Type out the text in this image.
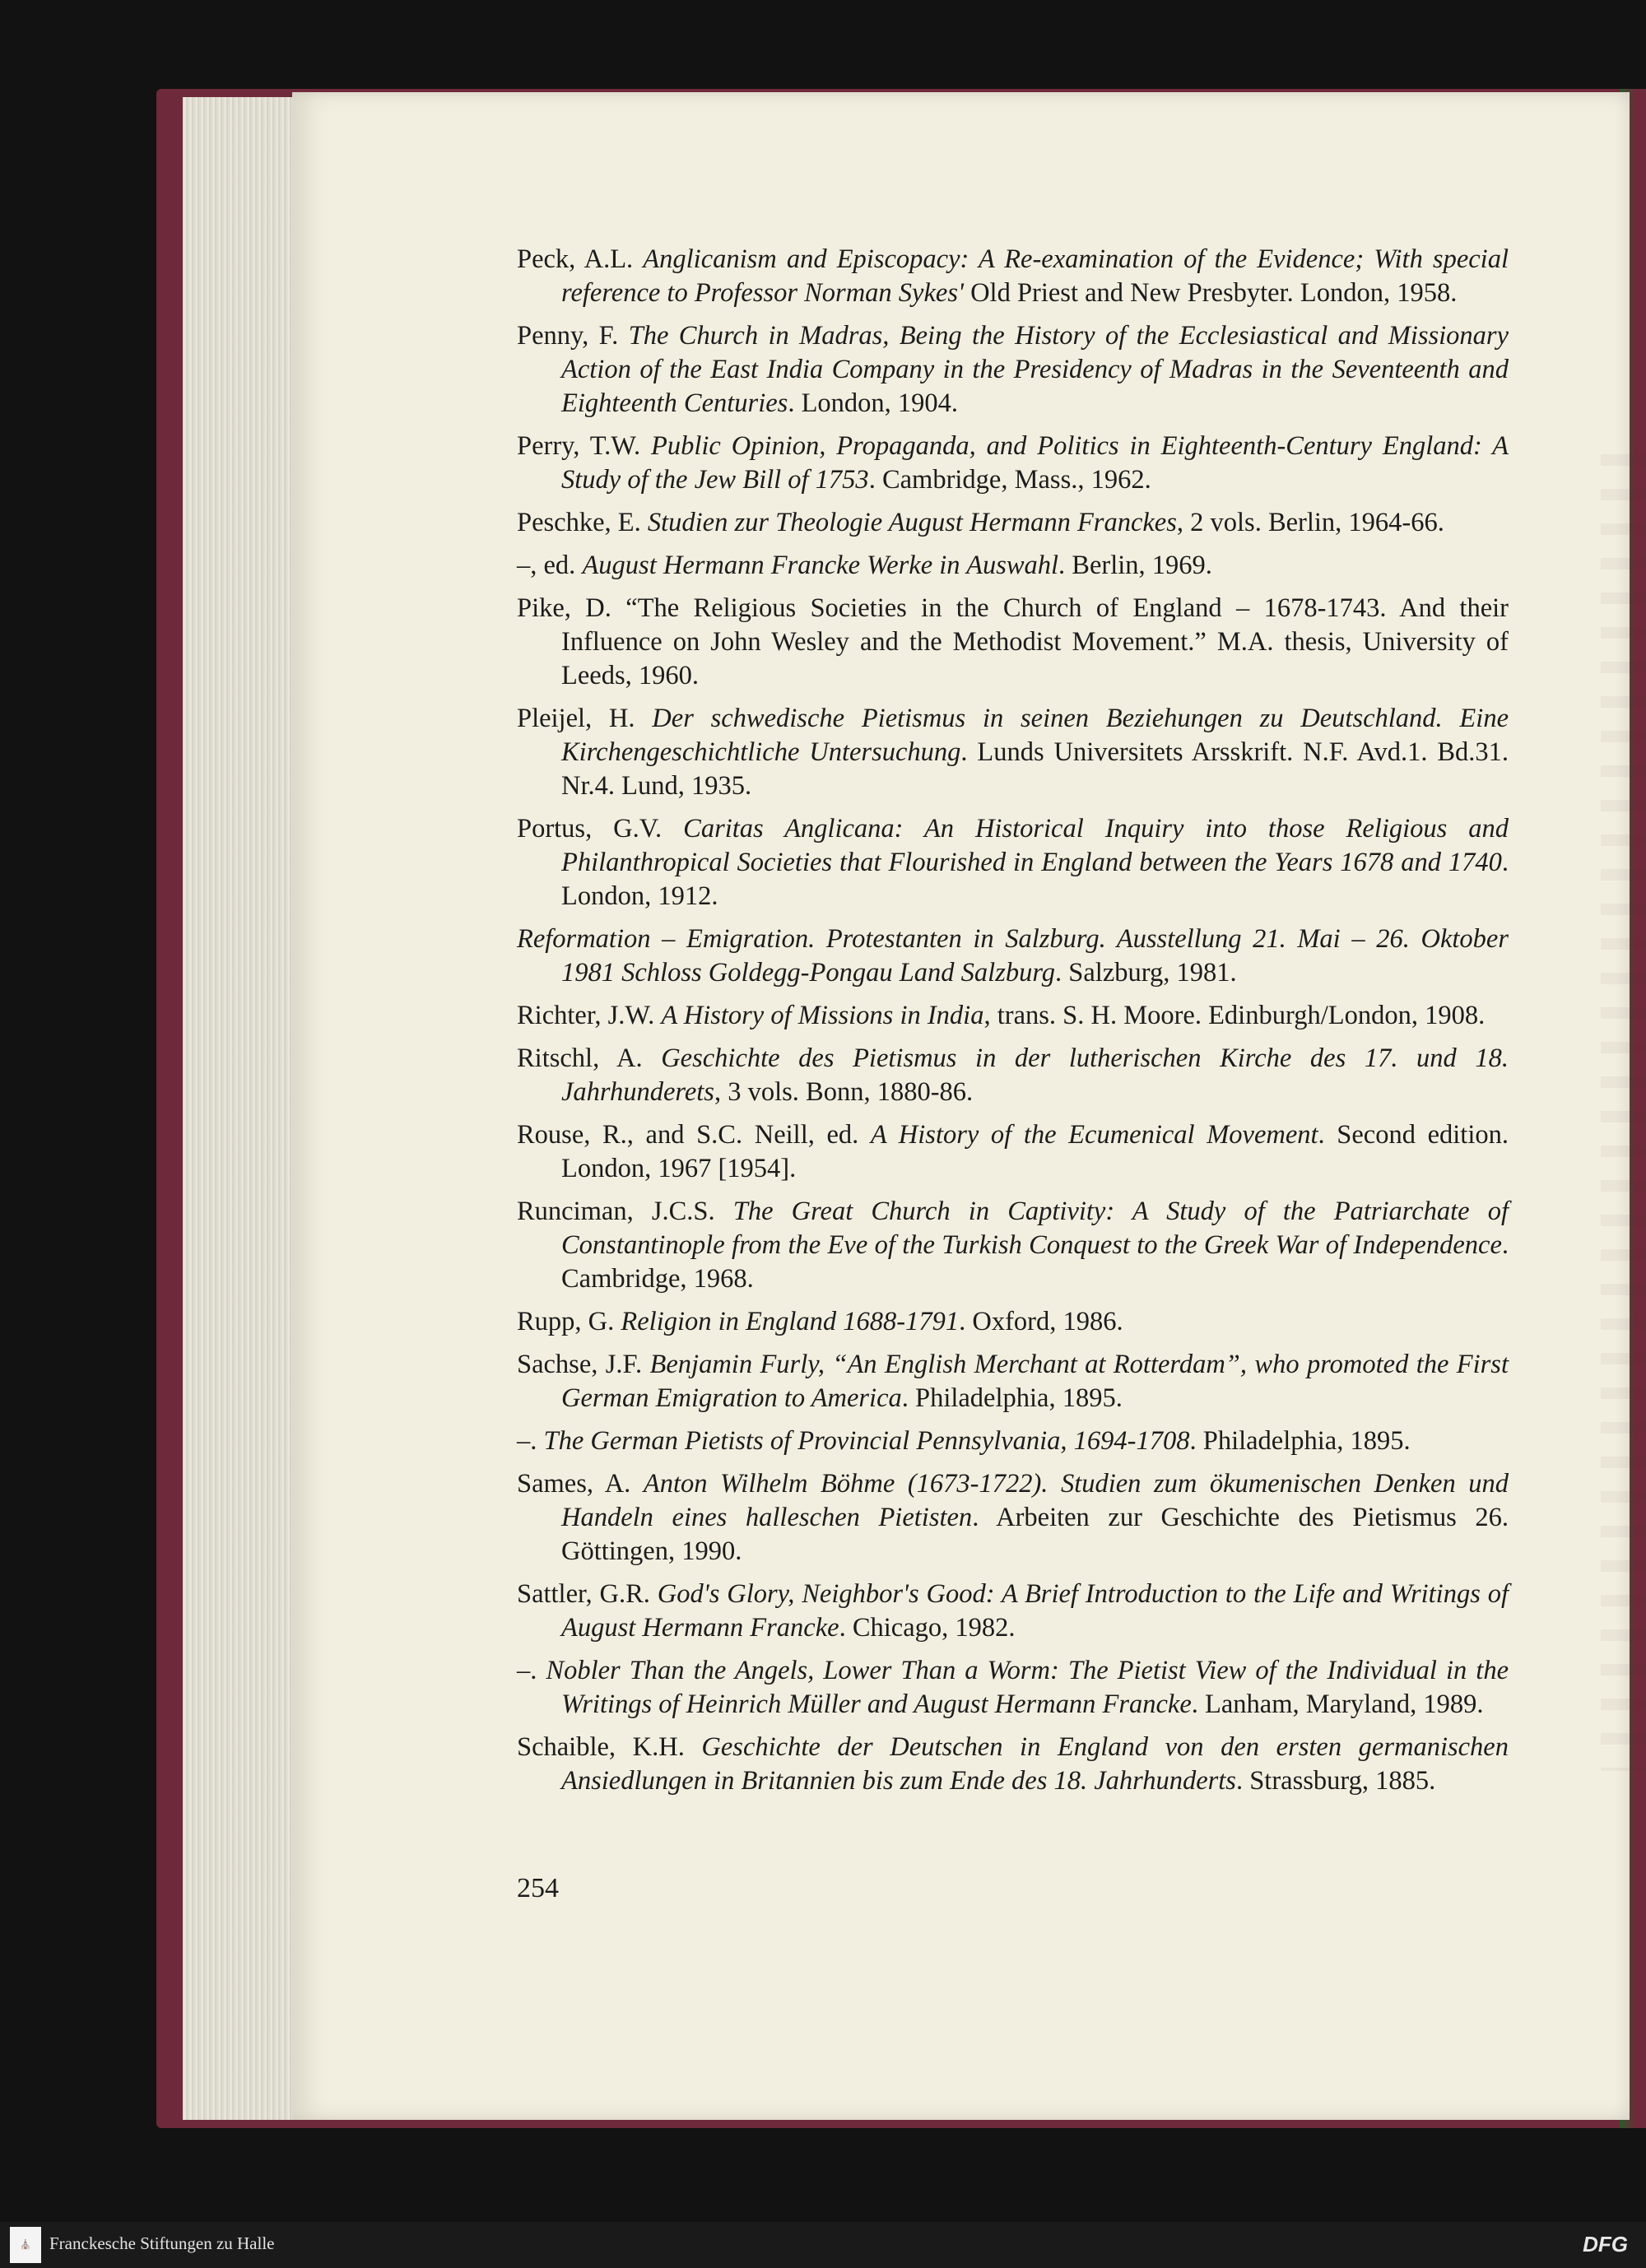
Peck, A.L. Anglicanism and Episcopacy: A Re-examination of the Evidence; With special reference to Professor Norman Sykes' Old Priest and New Presbyter. London, 1958.
Penny, F. The Church in Madras, Being the History of the Ecclesiastical and Missionary Action of the East India Company in the Presidency of Madras in the Seventeenth and Eighteenth Centuries. London, 1904.
Perry, T.W. Public Opinion, Propaganda, and Politics in Eighteenth-Century England: A Study of the Jew Bill of 1753. Cambridge, Mass., 1962.
Peschke, E. Studien zur Theologie August Hermann Franckes, 2 vols. Berlin, 1964-66.
–, ed. August Hermann Francke Werke in Auswahl. Berlin, 1969.
Pike, D. “The Religious Societies in the Church of England – 1678-1743. And their Influence on John Wesley and the Methodist Movement.” M.A. thesis, University of Leeds, 1960.
Pleijel, H. Der schwedische Pietismus in seinen Beziehungen zu Deutschland. Eine Kirchengeschichtliche Untersuchung. Lunds Universitets Arsskrift. N.F. Avd.1. Bd.31. Nr.4. Lund, 1935.
Portus, G.V. Caritas Anglicana: An Historical Inquiry into those Religious and Philanthropical Societies that Flourished in England between the Years 1678 and 1740. London, 1912.
Reformation – Emigration. Protestanten in Salzburg. Ausstellung 21. Mai – 26. Oktober 1981 Schloss Goldegg-Pongau Land Salzburg. Salzburg, 1981.
Richter, J.W. A History of Missions in India, trans. S. H. Moore. Edinburgh/London, 1908.
Ritschl, A. Geschichte des Pietismus in der lutherischen Kirche des 17. und 18. Jahrhunderets, 3 vols. Bonn, 1880-86.
Rouse, R., and S.C. Neill, ed. A History of the Ecumenical Movement. Second edition. London, 1967 [1954].
Runciman, J.C.S. The Great Church in Captivity: A Study of the Patriarchate of Constantinople from the Eve of the Turkish Conquest to the Greek War of Independence. Cambridge, 1968.
Rupp, G. Religion in England 1688-1791. Oxford, 1986.
Sachse, J.F. Benjamin Furly, “An English Merchant at Rotterdam”, who promoted the First German Emigration to America. Philadelphia, 1895.
–. The German Pietists of Provincial Pennsylvania, 1694-1708. Philadelphia, 1895.
Sames, A. Anton Wilhelm Böhme (1673-1722). Studien zum ökumenischen Denken und Handeln eines halleschen Pietisten. Arbeiten zur Geschichte des Pietismus 26. Göttingen, 1990.
Sattler, G.R. God's Glory, Neighbor's Good: A Brief Introduction to the Life and Writings of August Hermann Francke. Chicago, 1982.
–. Nobler Than the Angels, Lower Than a Worm: The Pietist View of the Individual in the Writings of Heinrich Müller and August Hermann Francke. Lanham, Maryland, 1989.
Schaible, K.H. Geschichte der Deutschen in England von den ersten germanischen Ansiedlungen in Britannien bis zum Ende des 18. Jahrhunderts. Strassburg, 1885.
254
⛪	Franckesche Stiftungen zu Halle	DFG
